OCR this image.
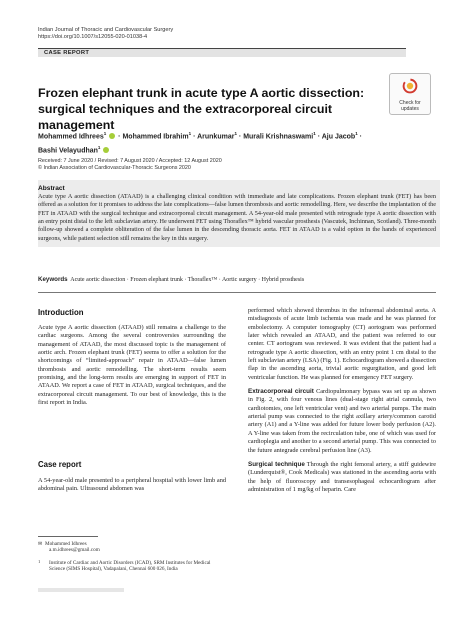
Indian Journal of Thoracic and Cardiovascular Surgery
https://doi.org/10.1007/s12055-020-01038-4
CASE REPORT
Check for
updates
Frozen elephant trunk in acute type A aortic dissection: surgical techniques and the extracorporeal circuit management
Mohammed Idhrees$^1$ · Mohammed Ibrahim$^1$ · Arunkumar$^1$ · Murali Krishnaswami$^1$ · Aju Jacob$^1$ ·
Bashi Velayudhan$^1$
Received: 7 June 2020 / Revised: 7 August 2020 / Accepted: 12 August 2020
© Indian Association of Cardiovascular-Thoracic Surgeons 2020
Abstract
Acute type A aortic dissection (ATAAD) is a challenging clinical condition with immediate and late complications. Frozen elephant trunk (FET) has been offered as a solution for it promises to address the late complications—false lumen thrombosis and aortic remodelling. Here, we describe the implantation of the FET in ATAAD with the surgical technique and extracorporeal circuit management. A 54-year-old male presented with retrograde type A aortic dissection with an entry point distal to the left subclavian artery. He underwent FET using Thoraflex™ hybrid vascular prosthesis (Vascutek, Inchinnan, Scotland). Three-month follow-up showed a complete obliteration of the false lumen in the descending thoracic aorta. FET in ATAAD is a valid option in the hands of experienced surgeons, while patient selection still remains the key in this surgery.
Keywords Acute aortic dissection · Frozen elephant trunk · Thoraflex™ · Aortic surgery · Hybrid prosthesis
Introduction

Acute type A aortic dissection (ATAAD) still remains a challenge to the cardiac surgeons. Among the several controversies surrounding the management of ATAAD, the most discussed topic is the management of aortic arch. Frozen elephant trunk (FET) seems to offer a solution for the shortcomings of “limited-approach” repair in ATAAD—false lumen thrombosis and aortic remodelling. The short-term results seem promising, and the long-term results are emerging in support of FET in ATAAD. We report a case of FET in ATAAD, surgical techniques, and the extracorporeal circuit management. To our best of knowledge, this is the first report in India.

Case report

A 54-year-old male presented to a peripheral hospital with lower limb and abdominal pain. Ultrasound abdomen was

✉ Mohammed Idhrees
a.m.idhrees@gmail.com
1 Institute of Cardiac and Aortic Disorders (ICAD), SRM Institutes for Medical Science (SIMS Hospital), Vadapalani, Chennai 600 026, India

performed which showed thrombus in the infrarenal abdominal aorta. A misdiagnosis of acute limb ischemia was made and he was planned for embolectomy. A computer tomography (CT) aortogram was performed later which revealed an ATAAD, and the patient was referred to our center. CT aortogram was reviewed. It was evident that the patient had a retrograde type A aortic dissection, with an entry point 1 cm distal to the left subclavian artery (LSA) (Fig. 1). Echocardiogram showed a dissection flap in the ascending aorta, trivial aortic regurgitation, and good left ventricular function. He was planned for emergency FET surgery.

Extracorporeal circuit Cardiopulmonary bypass was set up as shown in Fig. 2, with four venous lines (dual-stage right atrial cannula, two cardiotomies, one left ventricular vent) and two arterial pumps. The main arterial pump was connected to the right axillary artery/common carotid artery (A1) and a Y-line was added for future lower body perfusion (A2). A Y-line was taken from the recirculation tube, one of which was used for cardioplegia and another to a second arterial pump. This was connected to the future antegrade cerebral perfusion line (A3).

Surgical technique Through the right femoral artery, a stiff guidewire (Lunderquist®, Cook Medicals) was stationed in the ascending aorta with the help of fluoroscopy and transesophageal echocardiogram after administration of 1 mg/kg of heparin. Care
